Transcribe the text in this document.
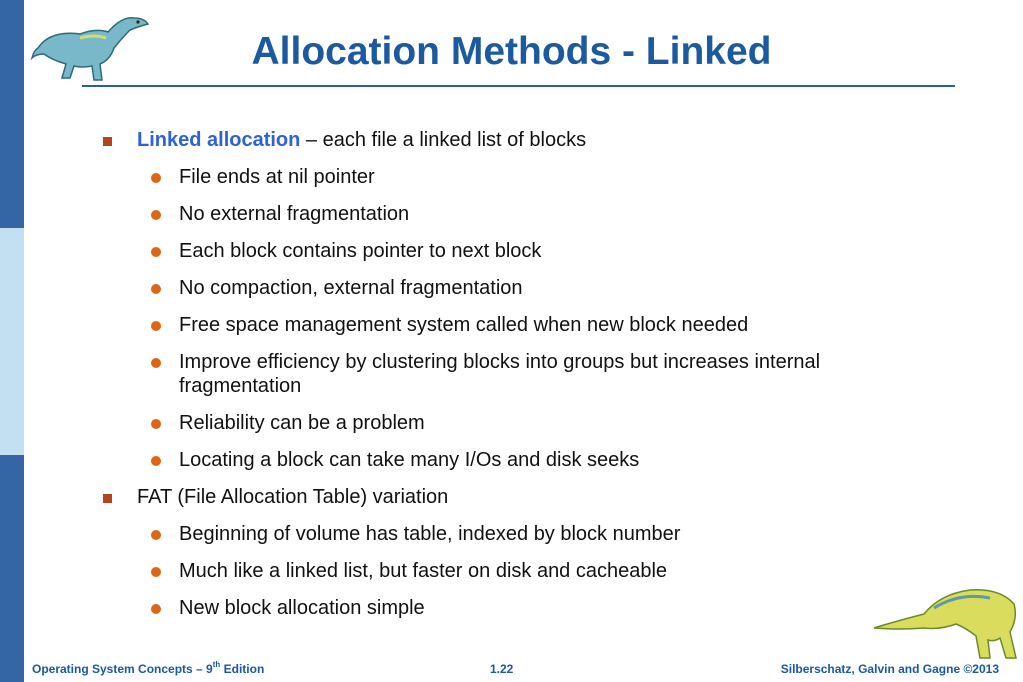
Allocation Methods - Linked
Linked allocation – each file a linked list of blocks
File ends at nil pointer
No external fragmentation
Each block contains pointer to next block
No compaction, external fragmentation
Free space management system called when new block needed
Improve efficiency by clustering blocks into groups but increases internal fragmentation
Reliability can be a problem
Locating a block can take many I/Os and disk seeks
FAT (File Allocation Table) variation
Beginning of volume has table, indexed by block number
Much like a linked list, but faster on disk and cacheable
New block allocation simple
Operating System Concepts – 9th Edition	1.22	Silberschatz, Galvin and Gagne ©2013
